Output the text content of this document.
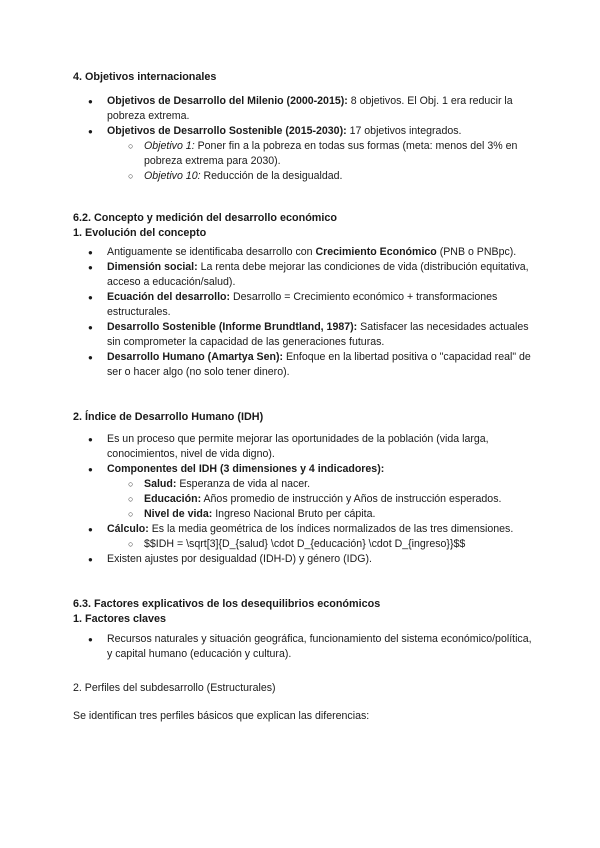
4. Objetivos internacionales
● Objetivos de Desarrollo del Milenio (2000-2015): 8 objetivos. El Obj. 1 era reducir la pobreza extrema.
● Objetivos de Desarrollo Sostenible (2015-2030): 17 objetivos integrados.
○ Objetivo 1: Poner fin a la pobreza en todas sus formas (meta: menos del 3% en pobreza extrema para 2030).
○ Objetivo 10: Reducción de la desigualdad.
6.2. Concepto y medición del desarrollo económico
1. Evolución del concepto
● Antiguamente se identificaba desarrollo con Crecimiento Económico (PNB o PNBpc).
● Dimensión social: La renta debe mejorar las condiciones de vida (distribución equitativa, acceso a educación/salud).
● Ecuación del desarrollo: Desarrollo = Crecimiento económico + transformaciones estructurales.
● Desarrollo Sostenible (Informe Brundtland, 1987): Satisfacer las necesidades actuales sin comprometer la capacidad de las generaciones futuras.
● Desarrollo Humano (Amartya Sen): Enfoque en la libertad positiva o "capacidad real" de ser o hacer algo (no solo tener dinero).
2. Índice de Desarrollo Humano (IDH)
● Es un proceso que permite mejorar las oportunidades de la población (vida larga, conocimientos, nivel de vida digno).
● Componentes del IDH (3 dimensiones y 4 indicadores):
○ Salud: Esperanza de vida al nacer.
○ Educación: Años promedio de instrucción y Años de instrucción esperados.
○ Nivel de vida: Ingreso Nacional Bruto per cápita.
● Cálculo: Es la media geométrica de los índices normalizados de las tres dimensiones.
○ $$IDH = \sqrt[3]{D_{salud} \cdot D_{educación} \cdot D_{ingreso}}$$
● Existen ajustes por desigualdad (IDH-D) y género (IDG).
6.3. Factores explicativos de los desequilibrios económicos
1. Factores claves
● Recursos naturales y situación geográfica, funcionamiento del sistema económico/política, y capital humano (educación y cultura).
2. Perfiles del subdesarrollo (Estructurales)
Se identifican tres perfiles básicos que explican las diferencias:
